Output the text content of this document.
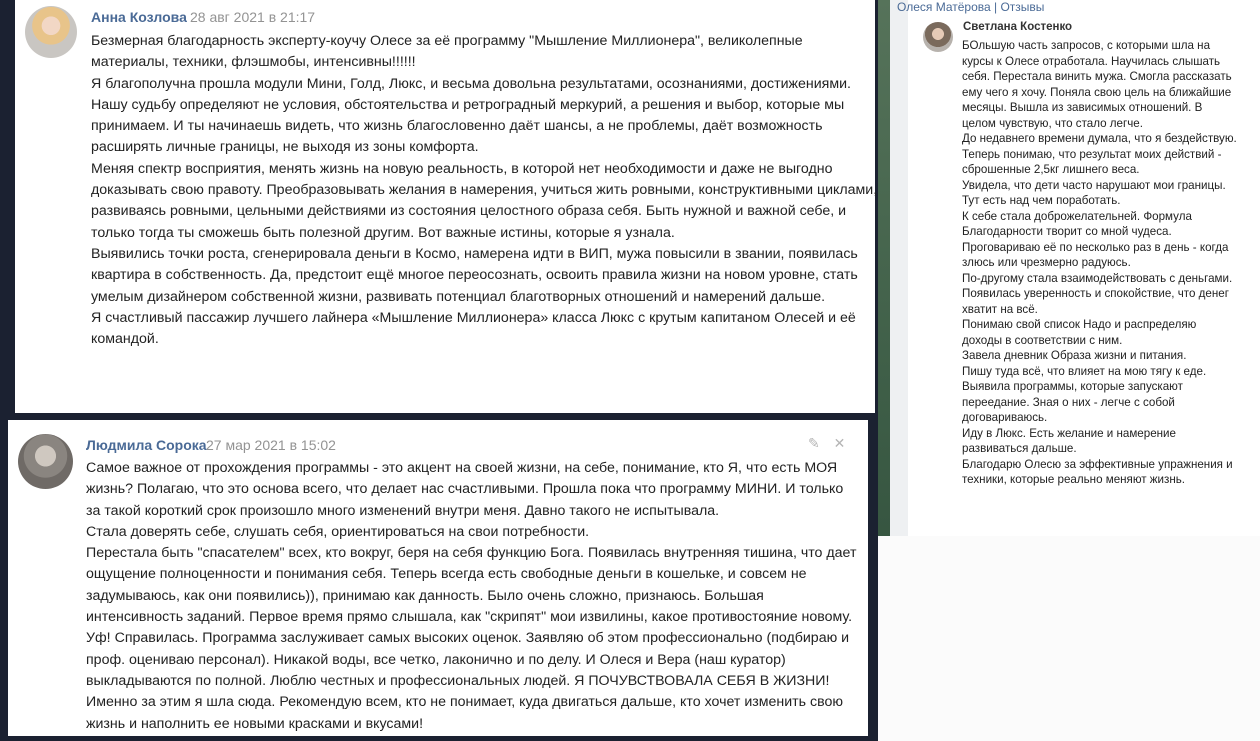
Анна Козлова 28 авг 2021 в 21:17

Безмерная благодарность эксперту-коучу Олесе за её программу "Мышление Миллионера", великолепные материалы, техники, флэшмобы, интенсивны!!!!!!

Я благополучна прошла модули Мини, Голд, Люкс, и весьма довольна результатами, осознаниями, достижениями.

Нашу судьбу определяют не условия, обстоятельства и ретроградный меркурий, а решения и выбор, которые мы принимаем. И ты начинаешь видеть, что жизнь благословенно даёт шансы, а не проблемы, даёт возможность расширять личные границы, не выходя из зоны комфорта.

Меняя спектр восприятия, менять жизнь на новую реальность, в которой нет необходимости и даже не выгодно доказывать свою правоту. Преобразовывать желания в намерения, учиться жить ровными, конструктивными циклами, развиваясь ровными, цельными действиями из состояния целостного образа себя. Быть нужной и важной себе, и только тогда ты сможешь быть полезной другим. Вот важные истины, которые я узнала.

Выявились точки роста, сгенерировала деньги в Космо, намерена идти в ВИП, мужа повысили в звании, появилась квартира в собственность. Да, предстоит ещё многое переосознать, освоить правила жизни на новом уровне, стать умелым дизайнером собственной жизни, развивать потенциал благотворных отношений и намерений дальше.

Я счастливый пассажир лучшего лайнера «Мышление Миллионера» класса Люкс с крутым капитаном Олесей и её командой.

Людмила Сорока 27 мар 2021 в 15:02	✎ ✕

Самое важное от прохождения программы - это акцент на своей жизни, на себе, понимание, кто Я, что есть МОЯ жизнь? Полагаю, что это основа всего, что делает нас счастливыми. Прошла пока что программу МИНИ. И только за такой короткий срок произошло много изменений внутри меня. Давно такого не испытывала.

Стала доверять себе, слушать себя, ориентироваться на свои потребности.

Перестала быть "спасателем" всех, кто вокруг, беря на себя функцию Бога. Появилась внутренняя тишина, что дает ощущение полноценности и понимания себя. Теперь всегда есть свободные деньги в кошельке, и совсем не задумываюсь, как они появились)), принимаю как данность. Было очень сложно, признаюсь. Большая интенсивность заданий. Первое время прямо слышала, как "скрипят" мои извилины, какое противостояние новому. Уф! Справилась. Программа заслуживает самых высоких оценок. Заявляю об этом профессионально (подбираю и проф. оцениваю персонал). Никакой воды, все четко, лаконично и по делу. И Олеся и Вера (наш куратор) выкладываются по полной. Люблю честных и профессиональных людей. Я ПОЧУВСТВОВАЛА СЕБЯ В ЖИЗНИ! Именно за этим я шла сюда. Рекомендую всем, кто не понимает, куда двигаться дальше, кто хочет изменить свою жизнь и наполнить ее новыми красками и вкусами!

Олеся Матёрова | Отзывы
Светлана Костенко

БОльшую часть запросов, с которыми шла на курсы к Олесе отработала. Научилась слышать себя. Перестала винить мужа. Смогла рассказать ему чего я хочу. Поняла свою цель на ближайшие месяцы. Вышла из зависимых отношений. В целом чувствую, что стало легче.

До недавнего времени думала, что я бездействую. Теперь понимаю, что результат моих действий - сброшенные 2,5кг лишнего веса.

Увидела, что дети часто нарушают мои границы. Тут есть над чем поработать.

К себе стала доброжелательней. Формула Благодарности творит со мной чудеса.

Проговариваю её по несколько раз в день - когда злюсь или чрезмерно радуюсь.

По-другому стала взаимодействовать с деньгами. Появилась уверенность и спокойствие, что денег хватит на всё.

Понимаю свой список Надо и распределяю доходы в соответствии с ним.

Завела дневник Образа жизни и питания.

Пишу туда всё, что влияет на мою тягу к еде.

Выявила программы, которые запускают переедание. Зная о них - легче с собой договариваюсь.

Иду в Люкс. Есть желание и намерение развиваться дальше.

Благодарю Олесю за эффективные упражнения и техники, которые реально меняют жизнь.
